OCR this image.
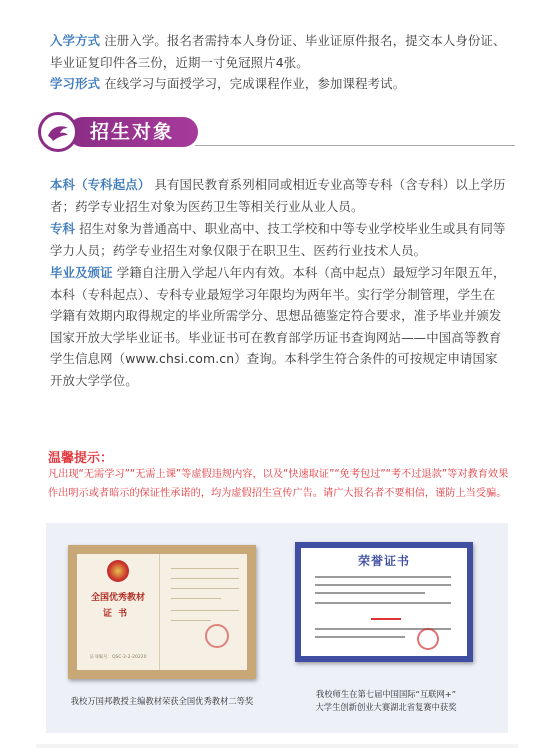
入学方式 注册入学。报名者需持本人身份证、毕业证原件报名，提交本人身份证、毕业证复印件各三份，近期一寸免冠照片4张。
学习形式 在线学习与面授学习，完成课程作业，参加课程考试。
招生对象
本科（专科起点） 具有国民教育系列相同或相近专业高等专科（含专科）以上学历者；药学专业招生对象为医药卫生等相关行业从业人员。
专科 招生对象为普通高中、职业高中、技工学校和中等专业学校毕业生或具有同等学力人员；药学专业招生对象仅限于在职卫生、医药行业技术人员。
毕业及颁证 学籍自注册入学起八年内有效。本科（高中起点）最短学习年限五年，本科（专科起点）、专科专业最短学习年限均为两年半。实行学分制管理，学生在学籍有效期内取得规定的毕业所需学分、思想品德鉴定符合要求，准予毕业并颁发国家开放大学毕业证书。毕业证书可在教育部学历证书查询网站——中国高等教育学生信息网（www.chsi.com.cn）查询。本科学生符合条件的可按规定申请国家开放大学学位。
温馨提示：
凡出现“无需学习”“无需上课”等虚假违规内容，以及“快速取证”“免考包过”“考不过退款”等对教育效果作出明示或者暗示的保证性承诺的，均为虚假招生宣传广告。请广大报名者不要相信，谨防上当受骗。
全国优秀教材
证书
证书编号：QSC-2-2-20220
我校万国邦教授主编教材荣获全国优秀教材二等奖
荣誉证书
我校师生在第七届中国国际“互联网+”
大学生创新创业大赛湖北省复赛中获奖
